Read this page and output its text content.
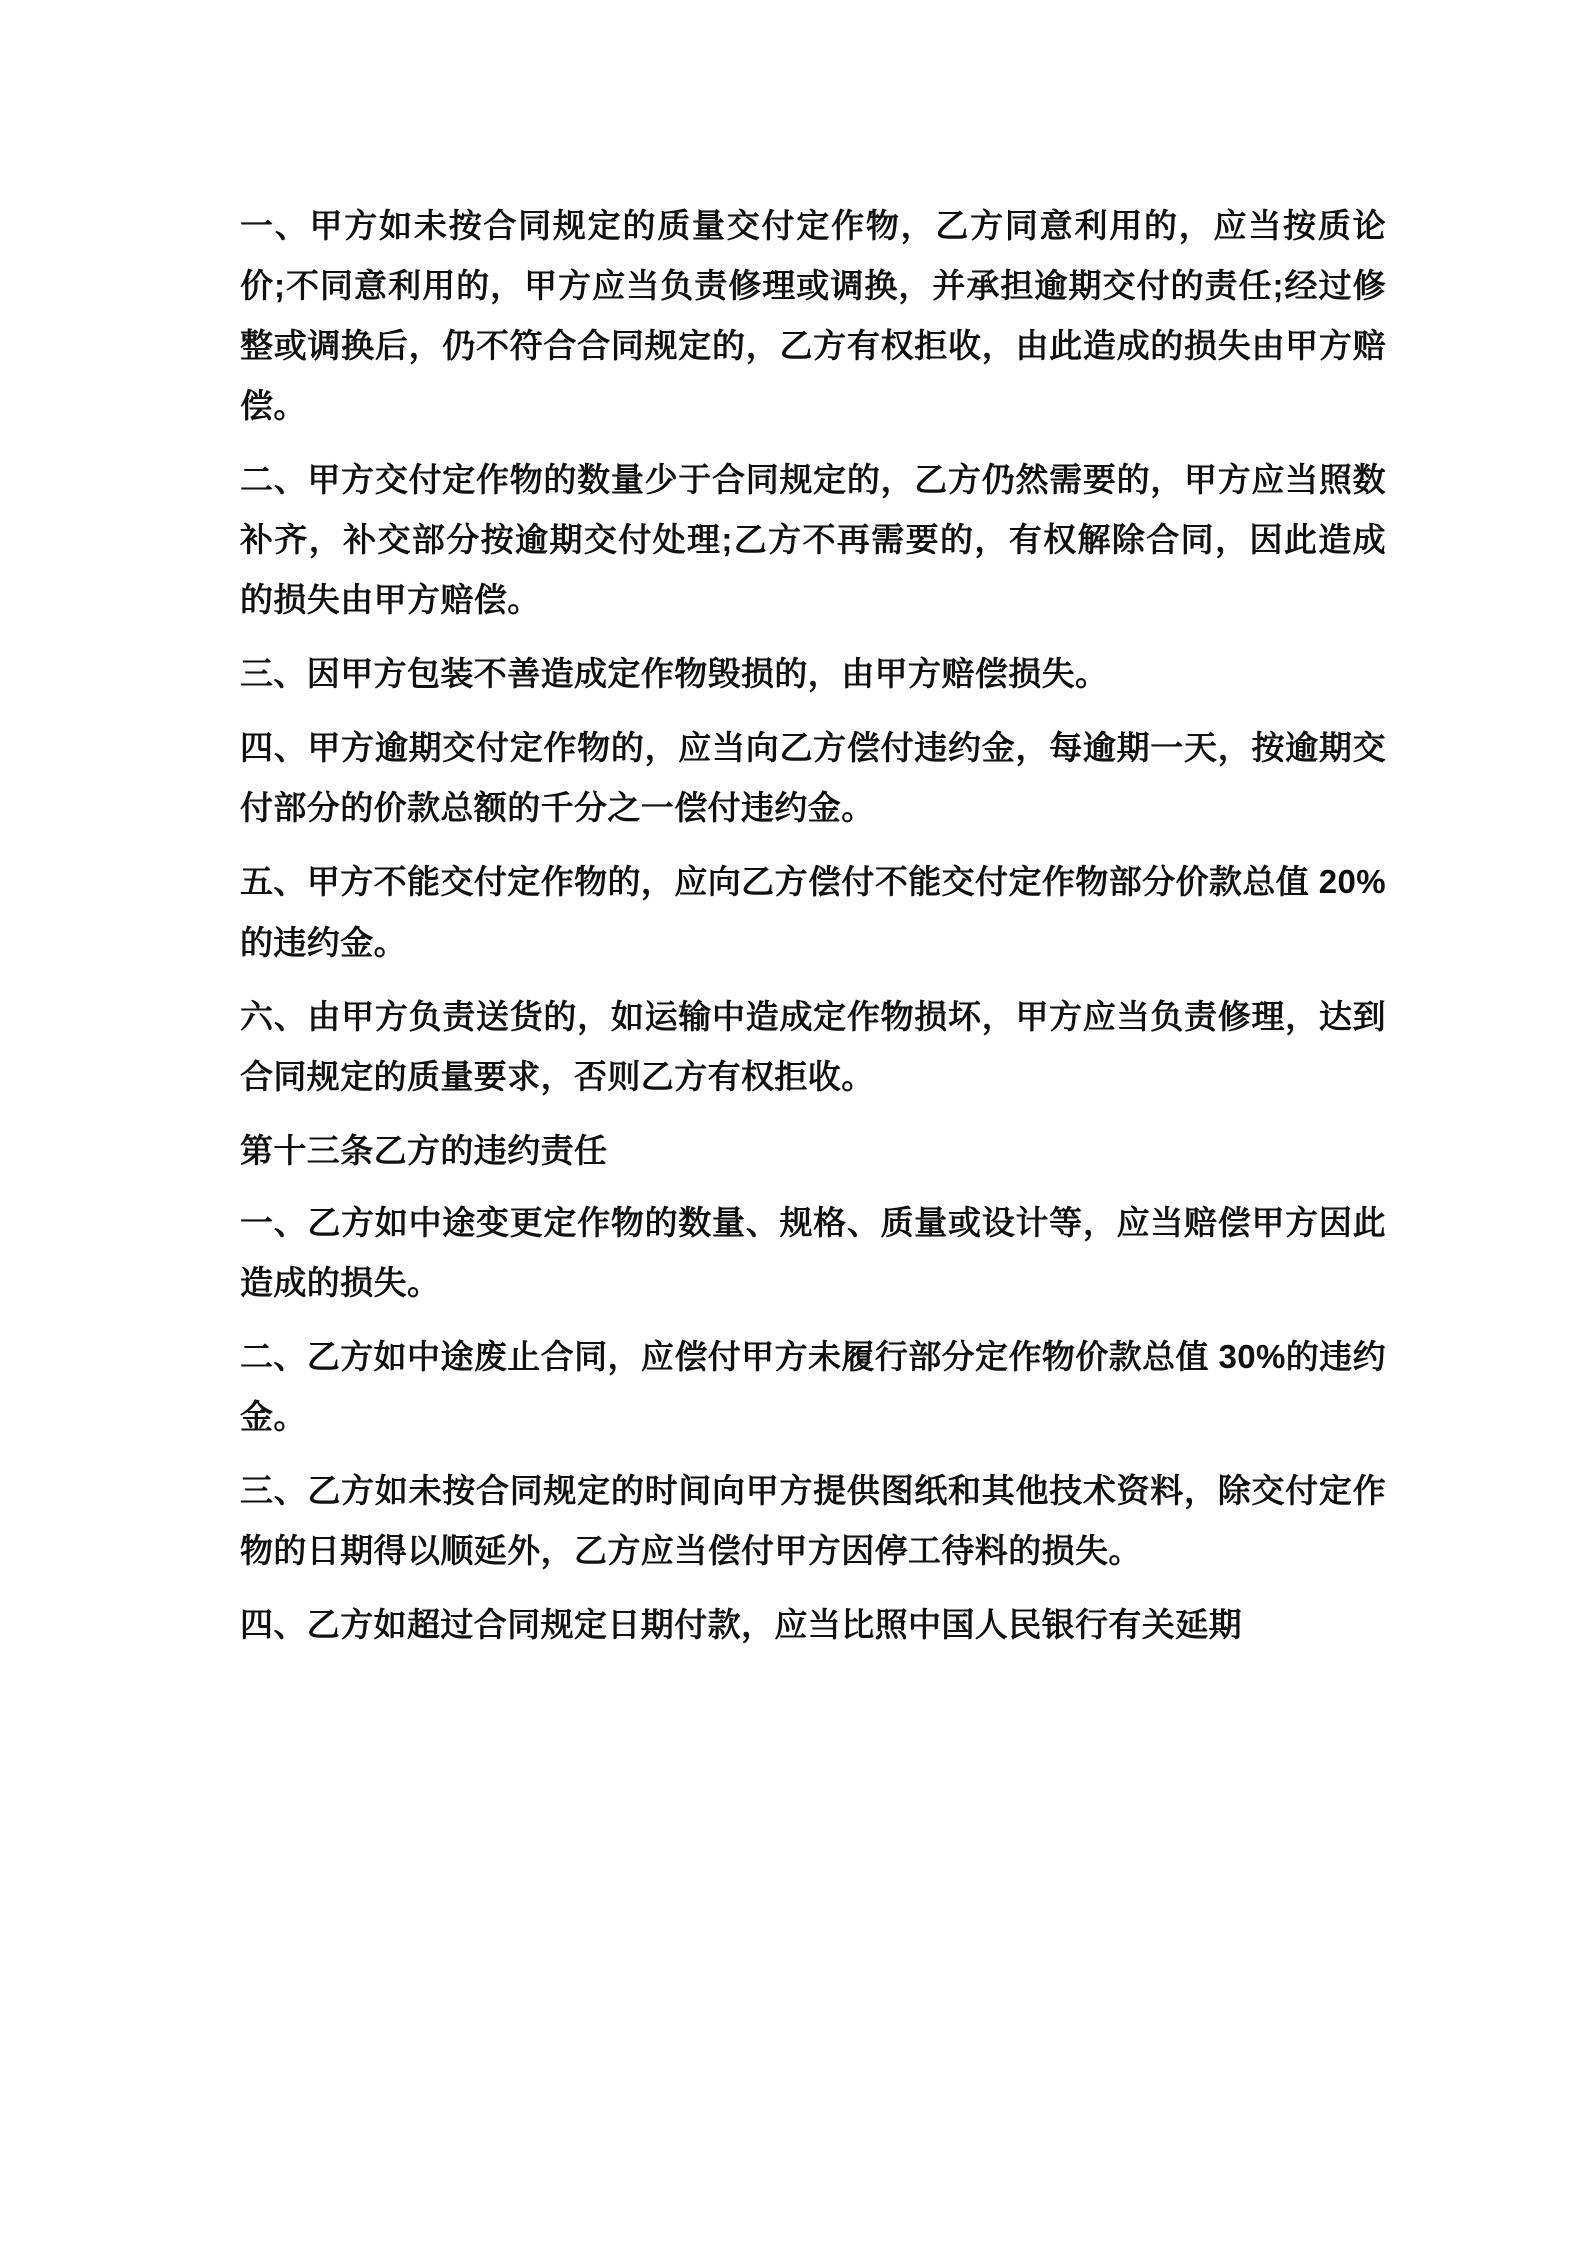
一、甲方如未按合同规定的质量交付定作物，乙方同意利用的，应当按质论价;不同意利用的，甲方应当负责修理或调换，并承担逾期交付的责任;经过修整或调换后，仍不符合合同规定的，乙方有权拒收，由此造成的损失由甲方赔偿。

二、甲方交付定作物的数量少于合同规定的，乙方仍然需要的，甲方应当照数补齐，补交部分按逾期交付处理;乙方不再需要的，有权解除合同，因此造成的损失由甲方赔偿。

三、因甲方包装不善造成定作物毁损的，由甲方赔偿损失。

四、甲方逾期交付定作物的，应当向乙方偿付违约金，每逾期一天，按逾期交付部分的价款总额的千分之一偿付违约金。

五、甲方不能交付定作物的，应向乙方偿付不能交付定作物部分价款总值 20%的违约金。

六、由甲方负责送货的，如运输中造成定作物损坏，甲方应当负责修理，达到合同规定的质量要求，否则乙方有权拒收。

第十三条乙方的违约责任

一、乙方如中途变更定作物的数量、规格、质量或设计等，应当赔偿甲方因此造成的损失。

二、乙方如中途废止合同，应偿付甲方未履行部分定作物价款总值 30%的违约金。

三、乙方如未按合同规定的时间向甲方提供图纸和其他技术资料，除交付定作物的日期得以顺延外，乙方应当偿付甲方因停工待料的损失。

四、乙方如超过合同规定日期付款，应当比照中国人民银行有关延期
